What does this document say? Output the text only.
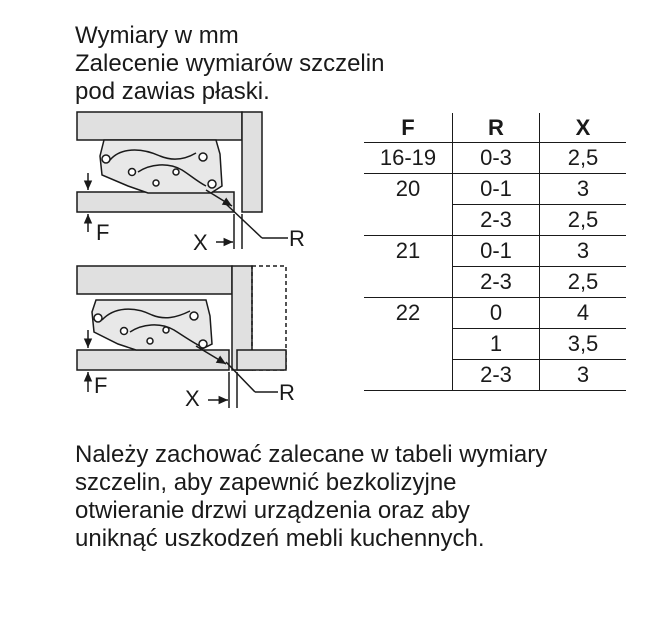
Wymiary w mm
Zalecenie wymiarów szczelin
pod zawias płaski.
F	X	R
F
X	R
F	R	X
16-19	0-3	2,5
20	0-1	3
	2-3	2,5
21	0-1	3
	2-3	2,5
22	0	4
	1	3,5
	2-3	3
Należy zachować zalecane w tabeli wymiary
szczelin, aby zapewnić bezkolizyjne
otwieranie drzwi urządzenia oraz aby
uniknąć uszkodzeń mebli kuchennych.
